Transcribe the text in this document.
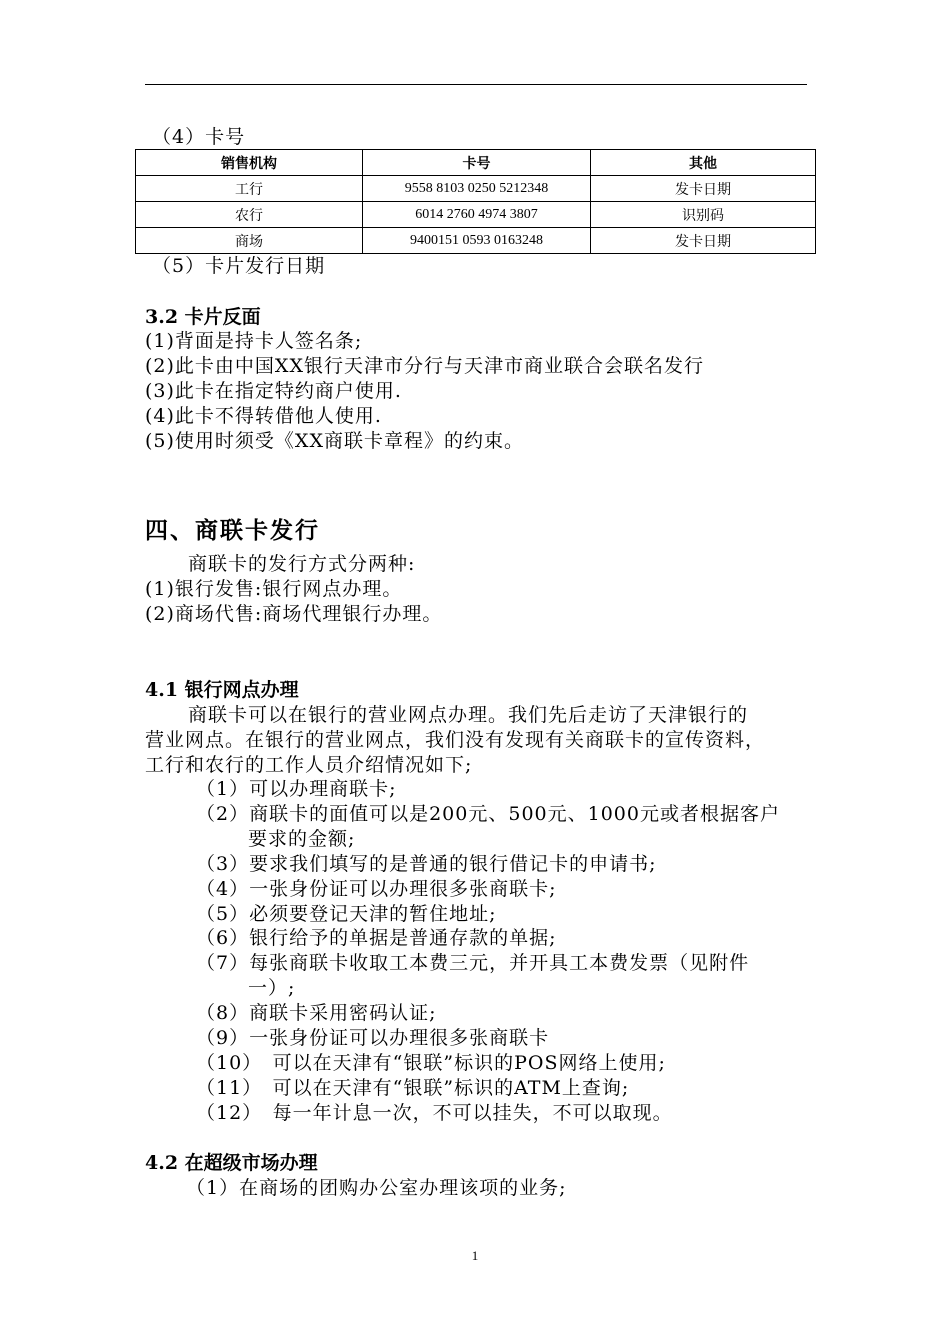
（4）卡号
销售机构	卡号	其他
工行	9558 8103 0250 5212348	发卡日期
农行	6014 2760 4974 3807	识别码
商场	9400151 0593 0163248	发卡日期
（5）卡片发行日期
3.2 卡片反面
(1)背面是持卡人签名条;
(2)此卡由中国XX银行天津市分行与天津市商业联合会联名发行
(3)此卡在指定特约商户使用.
(4)此卡不得转借他人使用.
(5)使用时须受《XX商联卡章程》的约束。
四、商联卡发行
商联卡的发行方式分两种:
(1)银行发售:银行网点办理。
(2)商场代售:商场代理银行办理。
4.1 银行网点办理
商联卡可以在银行的营业网点办理。我们先后走访了天津银行的
营业网点。在银行的营业网点，我们没有发现有关商联卡的宣传资料，
工行和农行的工作人员介绍情况如下;
（1）可以办理商联卡;
（2）商联卡的面值可以是200元、500元、1000元或者根据客户
要求的金额;
（3）要求我们填写的是普通的银行借记卡的申请书;
（4）一张身份证可以办理很多张商联卡;
（5）必须要登记天津的暂住地址;
（6）银行给予的单据是普通存款的单据;
（7）每张商联卡收取工本费三元，并开具工本费发票（见附件
一）;
（8）商联卡采用密码认证;
（9）一张身份证可以办理很多张商联卡
（10）　可以在天津有“银联”标识的POS网络上使用;
（11）　可以在天津有“银联”标识的ATM上查询;
（12）　每一年计息一次，不可以挂失，不可以取现。
4.2 在超级市场办理
（1）在商场的团购办公室办理该项的业务;
1
